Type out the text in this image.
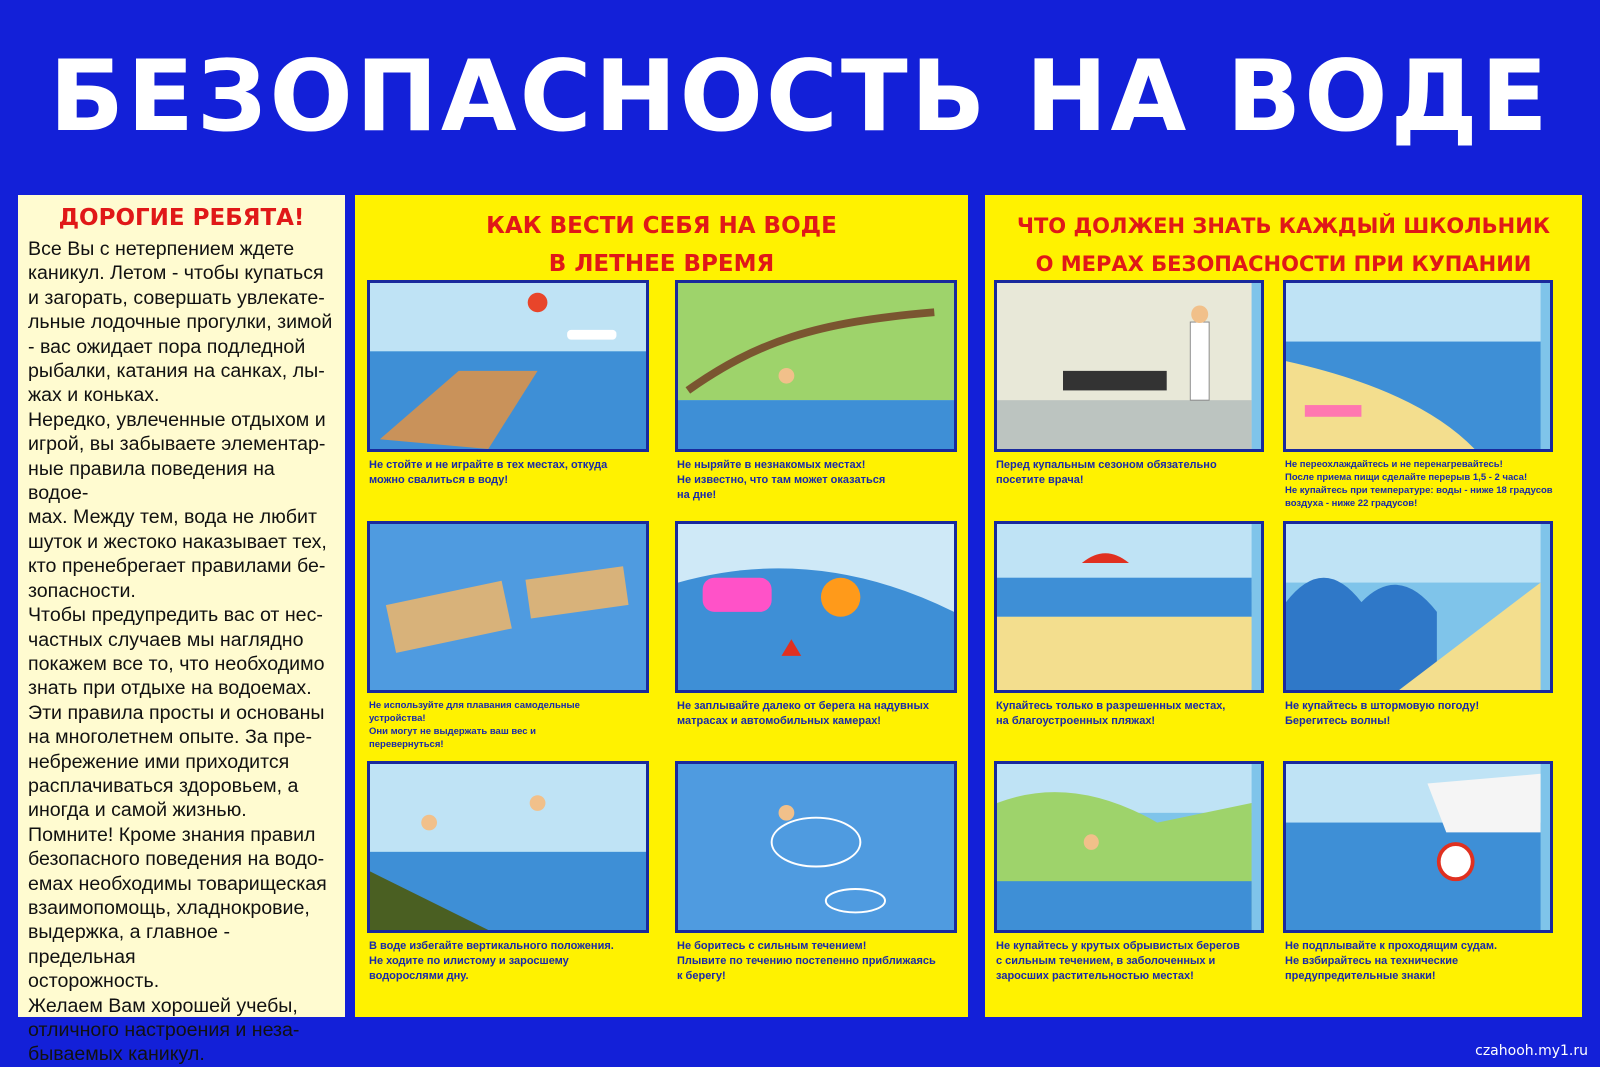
БЕЗОПАСНОСТЬ НА ВОДЕ
ДОРОГИЕ РЕБЯТА!

Все Вы с нетерпением ждете

каникул. Летом - чтобы купаться

и загорать, совершать увлекате-

льные лодочные прогулки, зимой

- вас ожидает пора подледной

рыбалки, катания на санках, лы-

жах и коньках.

Нередко, увлеченные отдыхом и

игрой, вы забываете элементар-

ные правила поведения на водое-

мах. Между тем, вода не любит

шуток и жестоко наказывает тех,

кто пренебрегает правилами бе-

зопасности.

Чтобы предупредить вас от нес-

частных случаев мы наглядно

покажем все то, что необходимо

знать при отдыхе на водоемах.

Эти правила просты и основаны

на многолетнем опыте. За пре-

небрежение ими приходится

расплачиваться здоровьем, а

иногда и самой жизнью.

Помните! Кроме знания правил

безопасного поведения на водо-

емах необходимы товарищеская

взаимопомощь, хладнокровие,

выдержка, а главное - предельная

осторожность.

Желаем Вам хорошей учебы,

отличного настроения и неза-

бываемых каникул.

КАК ВЕСТИ СЕБЯ НА ВОДЕ
В ЛЕТНЕЕ ВРЕМЯ

Не стойте и не играйте в тех местах, откуда

можно свалиться в воду!

Не ныряйте в незнакомых местах!

Не известно, что там может оказаться

на дне!

Не используйте для плавания самодельные

устройства!

Они могут не выдержать ваш вес и

перевернуться!

Не заплывайте далеко от берега на надувных

матрасах и автомобильных камерах!

В воде избегайте вертикального положения.

Не ходите по илистому и заросшему

водорослями дну.

Не боритесь с сильным течением!

Плывите по течению постепенно приближаясь

к берегу!

ЧТО ДОЛЖЕН ЗНАТЬ КАЖДЫЙ ШКОЛЬНИК
О МЕРАХ БЕЗОПАСНОСТИ ПРИ КУПАНИИ

Перед купальным сезоном обязательно

посетите врача!

Не переохлаждайтесь и не перенагревайтесь!

После приема пищи сделайте перерыв 1,5 - 2 часа!

Не купайтесь при температуре: воды - ниже 18 градусов

воздуха - ниже 22 градусов!

Купайтесь только в разрешенных местах,

на благоустроенных пляжах!

Не купайтесь в штормовую погоду!

Берегитесь волны!

Не купайтесь у крутых обрывистых берегов

с сильным течением, в заболоченных и

заросших растительностью местах!

Не подплывайте к проходящим судам.

Не взбирайтесь на технические

предупредительные знаки!

czahooh.my1.ru
